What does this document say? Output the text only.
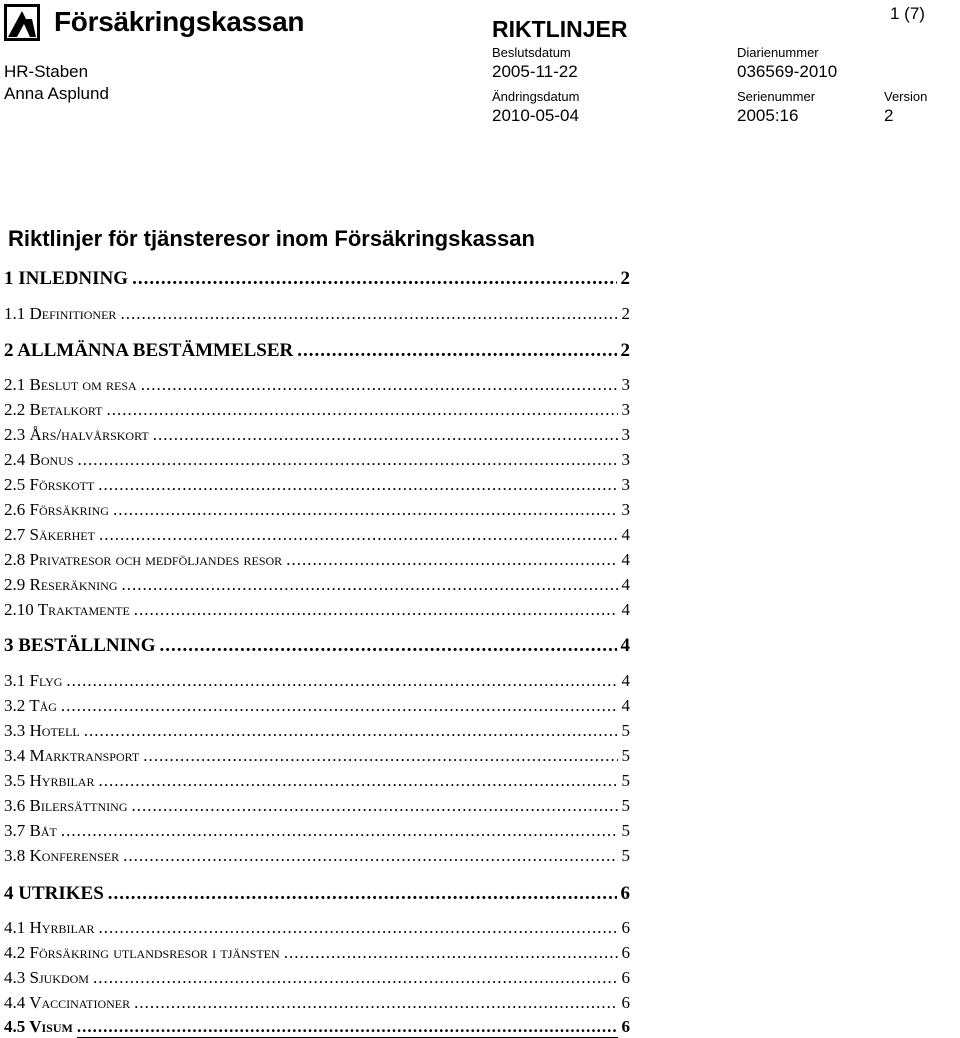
Försäkringskassan	RIKTLINJER
1 (7)
Beslutsdatum	Diarienummer
HR-Staben	2005-11-22	036569-2010
Anna Asplund	Ändringsdatum	Serienummer	Version
2010-05-04	2005:16	2
Riktlinjer för tjänsteresor inom Försäkringskassan
1 INLEDNING .....	2
1.1 Definitioner .....	2
2 ALLMÄNNA BESTÄMMELSER .....	2
2.1 Beslut om resa .....	3
2.2 Betalkort .....	3
2.3 Års/halvårskort .....	3
2.4 Bonus .....	3
2.5 Förskott .....	3
2.6 Försäkring .....	3
2.7 Säkerhet .....	4
2.8 Privatresor och medföljandes resor .....	4
2.9 Reseräkning .....	4
2.10 Traktamente .....	4
3 BESTÄLLNING .....	4
3.1 Flyg .....	4
3.2 Tåg .....	4
3.3 Hotell .....	5
3.4 Marktransport .....	5
3.5 Hyrbilar .....	5
3.6 Bilersättning .....	5
3.7 Båt .....	5
3.8 Konferenser .....	5
4 UTRIKES .....	6
4.1 Hyrbilar .....	6
4.2 Försäkring utlandsresor i tjänsten .....	6
4.3 Sjukdom .....	6
4.4 Vaccinationer .....	6
4.5 Visum .....	6
